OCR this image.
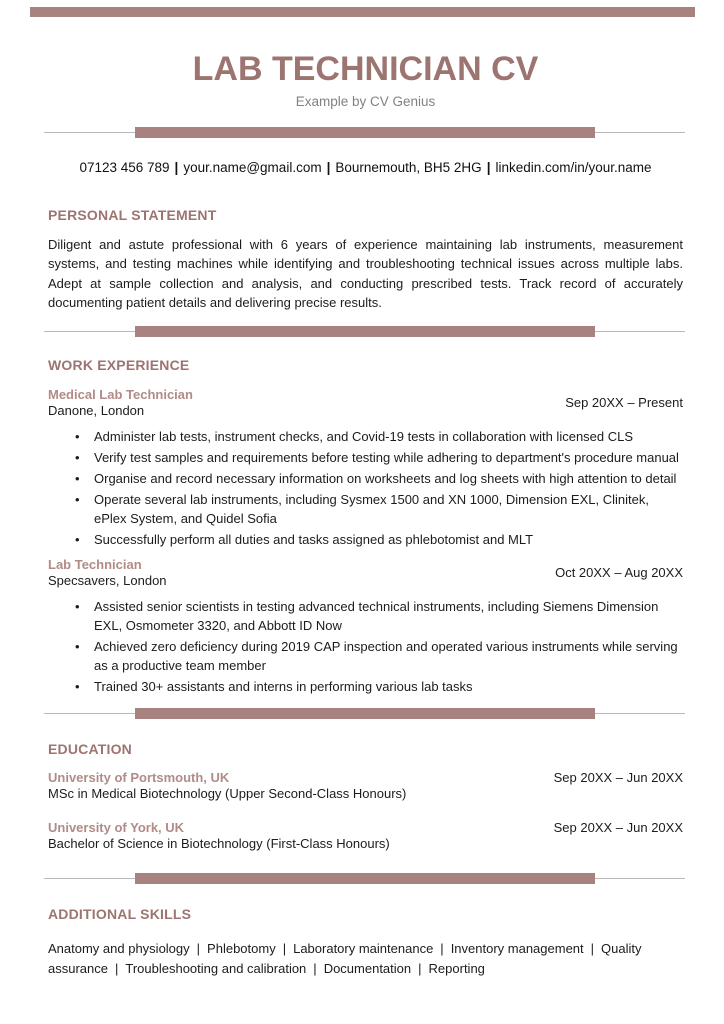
LAB TECHNICIAN CV
Example by CV Genius
07123 456 789 | your.name@gmail.com | Bournemouth, BH5 2HG | linkedin.com/in/your.name
PERSONAL STATEMENT
Diligent and astute professional with 6 years of experience maintaining lab instruments, measurement systems, and testing machines while identifying and troubleshooting technical issues across multiple labs. Adept at sample collection and analysis, and conducting prescribed tests. Track record of accurately documenting patient details and delivering precise results.
WORK EXPERIENCE
Medical Lab Technician
Danone, London
Sep 20XX – Present
•	Administer lab tests, instrument checks, and Covid-19 tests in collaboration with licensed CLS
•	Verify test samples and requirements before testing while adhering to department's procedure manual
•	Organise and record necessary information on worksheets and log sheets with high attention to detail
•	Operate several lab instruments, including Sysmex 1500 and XN 1000, Dimension EXL, Clinitek, ePlex System, and Quidel Sofia
•	Successfully perform all duties and tasks assigned as phlebotomist and MLT
Lab Technician
Specsavers, London
Oct 20XX – Aug 20XX
•	Assisted senior scientists in testing advanced technical instruments, including Siemens Dimension EXL, Osmometer 3320, and Abbott ID Now
•	Achieved zero deficiency during 2019 CAP inspection and operated various instruments while serving as a productive team member
•	Trained 30+ assistants and interns in performing various lab tasks
EDUCATION
University of Portsmouth, UK
MSc in Medical Biotechnology (Upper Second-Class Honours)
Sep 20XX – Jun 20XX
University of York, UK
Bachelor of Science in Biotechnology (First-Class Honours)
Sep 20XX – Jun 20XX
ADDITIONAL SKILLS
Anatomy and physiology | Phlebotomy | Laboratory maintenance | Inventory management | Quality assurance | Troubleshooting and calibration | Documentation | Reporting
